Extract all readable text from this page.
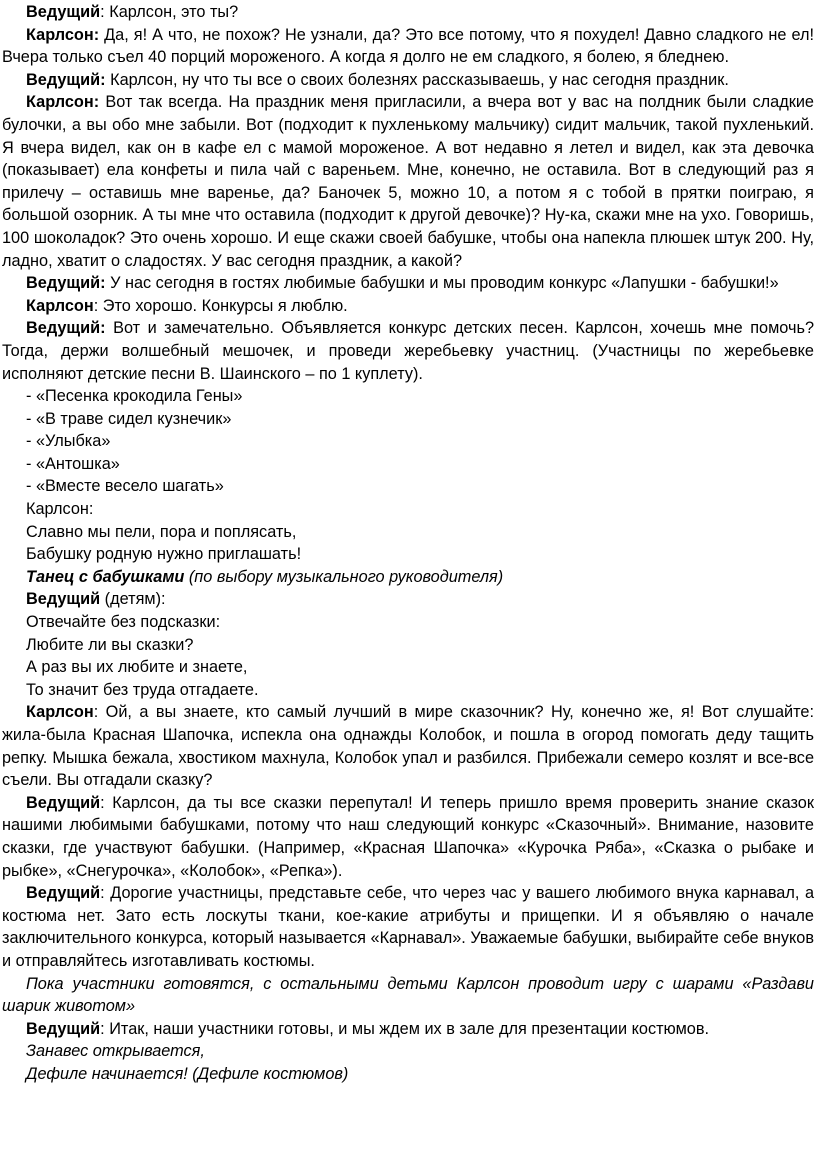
Ведущий: Карлсон, это ты?

Карлсон: Да, я! А что, не похож? Не узнали, да? Это все потому, что я похудел! Давно сладкого не ел! Вчера только съел 40 порций мороженого. А когда я долго не ем сладкого, я болею, я бледнею.

Ведущий: Карлсон, ну что ты все о своих болезнях рассказываешь, у нас сегодня праздник.

Карлсон: Вот так всегда. На праздник меня пригласили, а вчера вот у вас на полдник были сладкие булочки, а вы обо мне забыли. Вот (подходит к пухленькому мальчику) сидит мальчик, такой пухленький. Я вчера видел, как он в кафе ел с мамой мороженое. А вот недавно я летел и видел, как эта девочка (показывает) ела конфеты и пила чай с вареньем. Мне, конечно, не оставила. Вот в следующий раз я прилечу – оставишь мне варенье, да? Баночек 5, можно 10, а потом я с тобой в прятки поиграю, я большой озорник. А ты мне что оставила (подходит к другой девочке)? Ну-ка, скажи мне на ухо. Говоришь, 100 шоколадок? Это очень хорошо. И еще скажи своей бабушке, чтобы она напекла плюшек штук 200. Ну, ладно, хватит о сладостях. У вас сегодня праздник, а какой?

Ведущий: У нас сегодня в гостях любимые бабушки и мы проводим конкурс «Лапушки - бабушки!»

Карлсон: Это хорошо. Конкурсы я люблю.

Ведущий: Вот и замечательно. Объявляется конкурс детских песен. Карлсон, хочешь мне помочь? Тогда, держи волшебный мешочек, и проведи жеребьевку участниц. (Участницы по жеребьевке исполняют детские песни В. Шаинского – по 1 куплету).

- «Песенка крокодила Гены»

- «В траве сидел кузнечик»

- «Улыбка»

- «Антошка»

- «Вместе весело шагать»

Карлсон:

Славно мы пели, пора и поплясать,

Бабушку родную нужно приглашать!

Танец с бабушками (по выбору музыкального руководителя)

Ведущий (детям):

Отвечайте без подсказки:

Любите ли вы сказки?

А раз вы их любите и знаете,

То значит без труда отгадаете.

Карлсон: Ой, а вы знаете, кто самый лучший в мире сказочник? Ну, конечно же, я! Вот слушайте: жила-была Красная Шапочка, испекла она однажды Колобок, и пошла в огород помогать деду тащить репку. Мышка бежала, хвостиком махнула, Колобок упал и разбился. Прибежали семеро козлят и все-все съели. Вы отгадали сказку?

Ведущий: Карлсон, да ты все сказки перепутал! И теперь пришло время проверить знание сказок нашими любимыми бабушками, потому что наш следующий конкурс «Сказочный». Внимание, назовите сказки, где участвуют бабушки. (Например, «Красная Шапочка» «Курочка Ряба», «Сказка о рыбаке и рыбке», «Снегурочка», «Колобок», «Репка»).

Ведущий: Дорогие участницы, представьте себе, что через час у вашего любимого внука карнавал, а костюма нет. Зато есть лоскуты ткани, кое-какие атрибуты и прищепки. И я объявляю о начале заключительного конкурса, который называется «Карнавал». Уважаемые бабушки, выбирайте себе внуков и отправляйтесь изготавливать костюмы.

Пока участники готовятся, с остальными детьми Карлсон проводит игру с шарами «Раздави шарик животом»

Ведущий: Итак, наши участники готовы, и мы ждем их в зале для презентации костюмов.

Занавес открывается,

Дефиле начинается! (Дефиле костюмов)
